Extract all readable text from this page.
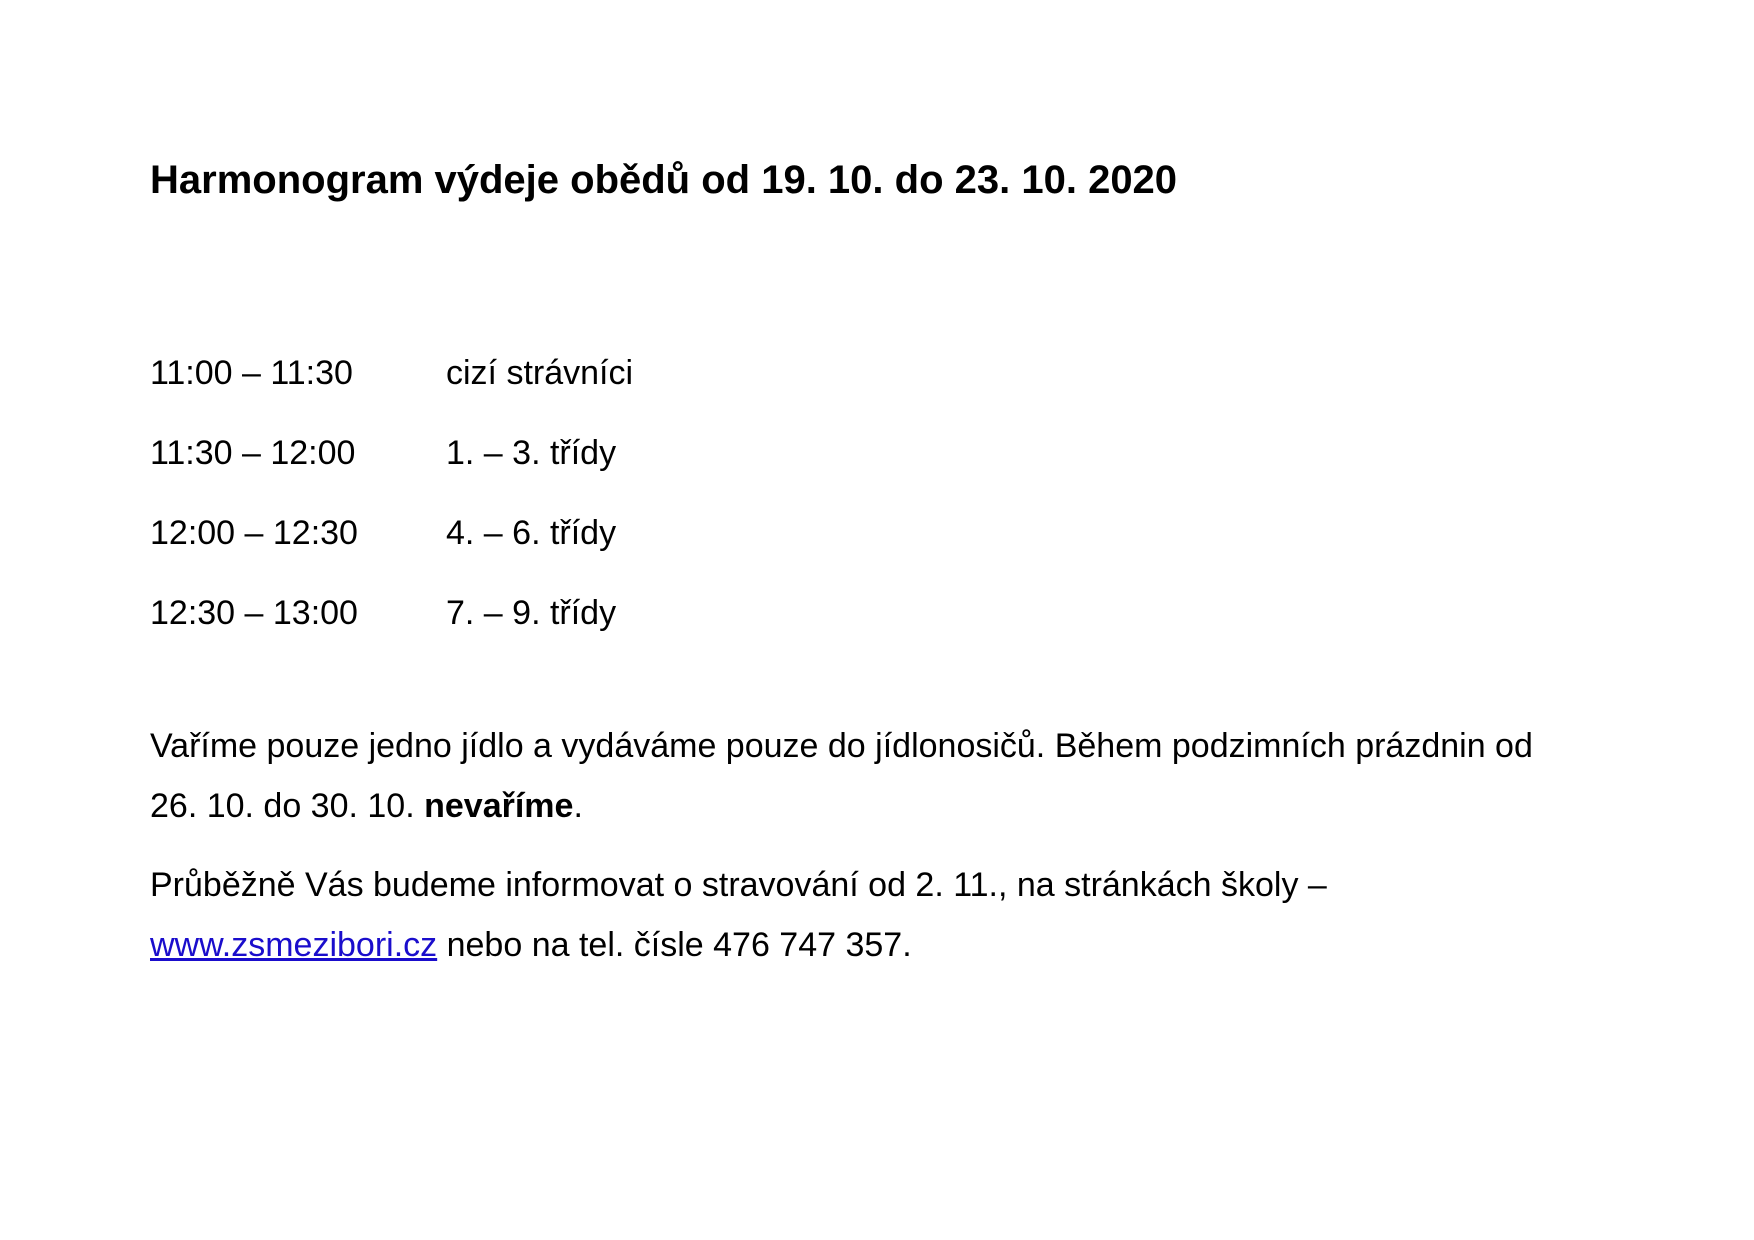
Harmonogram výdeje obědů od 19. 10. do 23. 10. 2020
11:00 – 11:30	cizí strávníci
11:30 – 12:00	1. – 3. třídy
12:00 – 12:30	4. – 6. třídy
12:30 – 13:00	7. – 9. třídy

Vaříme pouze jedno jídlo a vydáváme pouze do jídlonosičů. Během podzimních prázdnin od 26. 10. do 30. 10. nevaříme.

Průběžně Vás budeme informovat o stravování od 2. 11., na stránkách školy – www.zsmezibori.cz nebo na tel. čísle 476 747 357.
